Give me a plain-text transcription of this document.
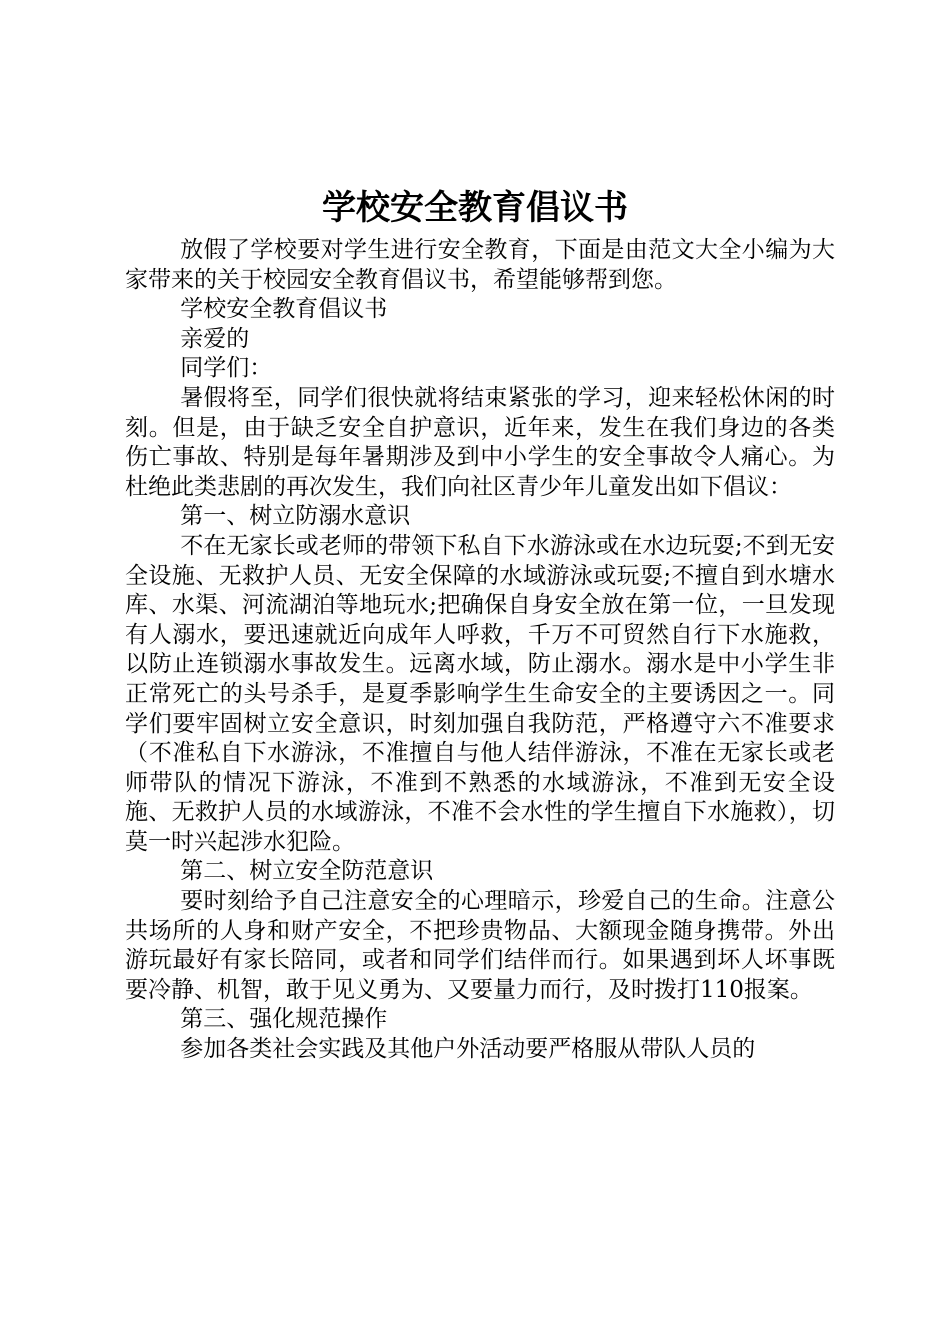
学校安全教育倡议书

放假了学校要对学生进行安全教育，下面是由范文大全小编为大家带来的关于校园安全教育倡议书，希望能够帮到您。

学校安全教育倡议书

亲爱的

同学们：

暑假将至，同学们很快就将结束紧张的学习，迎来轻松休闲的时刻。但是，由于缺乏安全自护意识，近年来，发生在我们身边的各类伤亡事故、特别是每年暑期涉及到中小学生的安全事故令人痛心。为杜绝此类悲剧的再次发生，我们向社区青少年儿童发出如下倡议：

第一、树立防溺水意识

不在无家长或老师的带领下私自下水游泳或在水边玩耍;不到无安全设施、无救护人员、无安全保障的水域游泳或玩耍;不擅自到水塘水库、水渠、河流湖泊等地玩水;把确保自身安全放在第一位，一旦发现有人溺水，要迅速就近向成年人呼救，千万不可贸然自行下水施救，以防止连锁溺水事故发生。远离水域，防止溺水。溺水是中小学生非正常死亡的头号杀手，是夏季影响学生生命安全的主要诱因之一。同学们要牢固树立安全意识，时刻加强自我防范，严格遵守六不准要求（不准私自下水游泳，不准擅自与他人结伴游泳，不准在无家长或老师带队的情况下游泳，不准到不熟悉的水域游泳，不准到无安全设施、无救护人员的水域游泳，不准不会水性的学生擅自下水施救），切莫一时兴起涉水犯险。

第二、树立安全防范意识

要时刻给予自己注意安全的心理暗示，珍爱自己的生命。注意公共场所的人身和财产安全，不把珍贵物品、大额现金随身携带。外出游玩最好有家长陪同，或者和同学们结伴而行。如果遇到坏人坏事既要冷静、机智，敢于见义勇为、又要量力而行，及时拨打110报案。

第三、强化规范操作

参加各类社会实践及其他户外活动要严格服从带队人员的
